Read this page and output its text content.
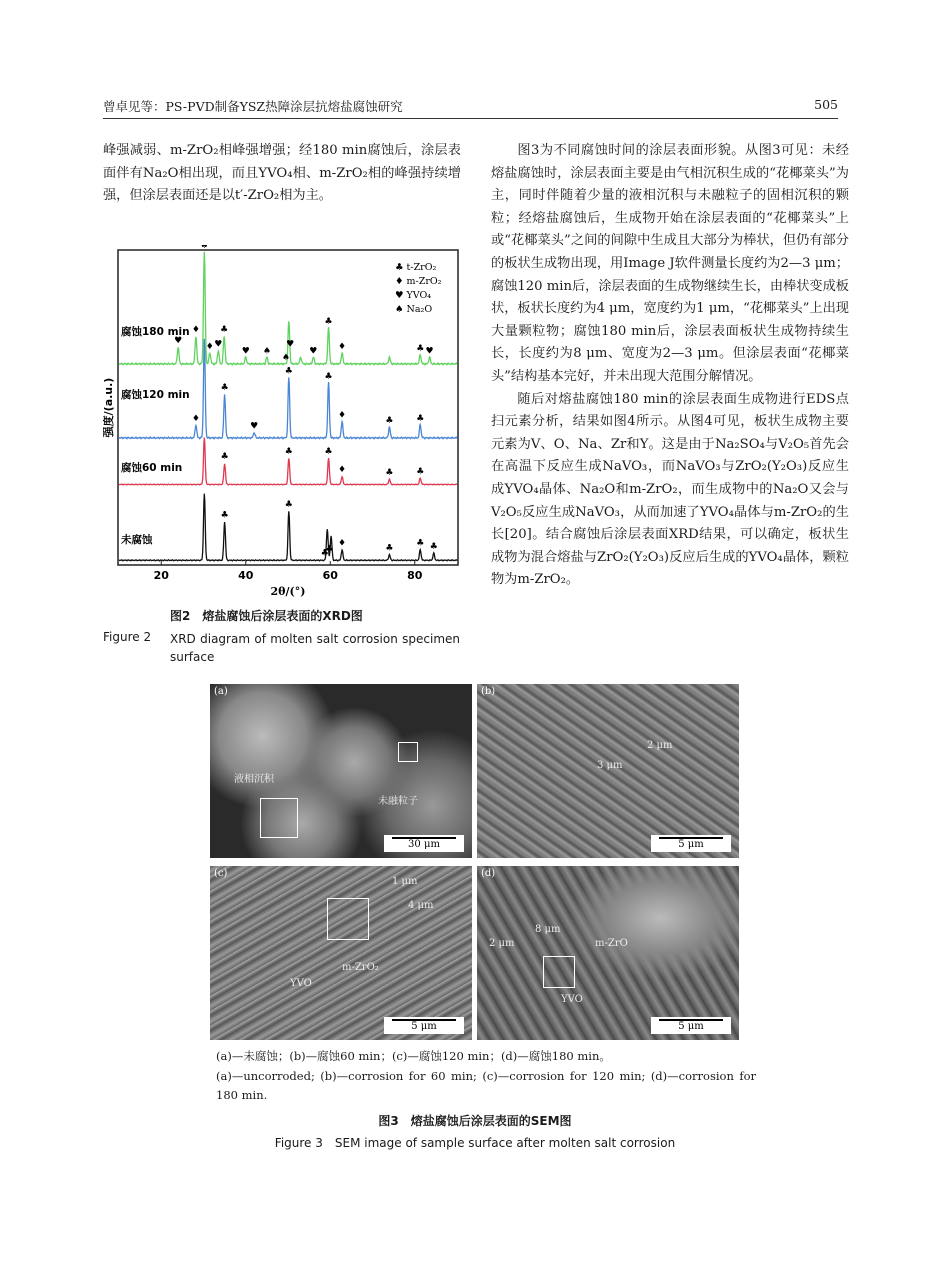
曾卓见等：PS-PVD制备YSZ热障涂层抗熔盐腐蚀研究	505

峰强减弱、m-ZrO₂相峰强增强；经180 min腐蚀后，涂层表面伴有Na₂O相出现，而且YVO₄相、m-ZrO₂相的峰强持续增强，但涂层表面还是以t′-ZrO₂相为主。

腐蚀180 min
♥
♦
♠
♦ ♥
♣
♥ ♠
♠
♥
♥
♣
♦	♣ ♥
腐蚀120 min
♦
♣
♥
♣
♣
♦
♣	♣
腐蚀60 min
♣
♣	♣
♦	♣	♣
未腐蚀
♣
♣
♣
♣
♦	♣	♣ ♣
♣ t-ZrO₂
♦ m-ZrO₂
♥ YVO₄
♠ Na₂O
20	40	60	80
2θ/(°)
强度/(a.u.)
图2　熔盐腐蚀后涂层表面的XRD图
Figure 2 XRD diagram of molten salt corrosion specimen surface

图3为不同腐蚀时间的涂层表面形貌。从图3可见：未经熔盐腐蚀时，涂层表面主要是由气相沉积生成的“花椰菜头”为主，同时伴随着少量的液相沉积与未融粒子的固相沉积的颗粒；经熔盐腐蚀后，生成物开始在涂层表面的“花椰菜头”上或“花椰菜头”之间的间隙中生成且大部分为棒状，但仍有部分的板状生成物出现，用Image J软件测量长度约为2—3 μm；腐蚀120 min后，涂层表面的生成物继续生长，由棒状变成板状，板状长度约为4 μm，宽度约为1 μm，“花椰菜头”上出现大量颗粒物；腐蚀180 min后，涂层表面板状生成物持续生长，长度约为8 μm、宽度为2—3 μm。但涂层表面“花椰菜头”结构基本完好，并未出现大范围分解情况。

随后对熔盐腐蚀180 min的涂层表面生成物进行EDS点扫元素分析，结果如图4所示。从图4可见，板状生成物主要元素为V、O、Na、Zr和Y。这是由于Na₂SO₄与V₂O₅首先会在高温下反应生成NaVO₃，而NaVO₃与ZrO₂(Y₂O₃)反应生成YVO₄晶体、Na₂O和m-ZrO₂，而生成物中的Na₂O又会与V₂O₅反应生成NaVO₃，从而加速了YVO₄晶体与m-ZrO₂的生长[20]。结合腐蚀后涂层表面XRD结果，可以确定，板状生成物为混合熔盐与ZrO₂(Y₂O₃)反应后生成的YVO₄晶体，颗粒物为m-ZrO₂。

(a)
液相沉积
未融粒子
30 μm
(b)
2 μm
3 μm
5 μm
(c)
1 μm
4 μm
YVO
m-ZrO₂
5 μm
(d)
8 μm
2 μm	m-ZrO
YVO
5 μm
(a)—未腐蚀；(b)—腐蚀60 min；(c)—腐蚀120 min；(d)—腐蚀180 min。
(a)—uncorroded; (b)—corrosion for 60 min; (c)—corrosion for 120 min; (d)—corrosion for 180 min.
图3　熔盐腐蚀后涂层表面的SEM图
Figure 3　SEM image of sample surface after molten salt corrosion
